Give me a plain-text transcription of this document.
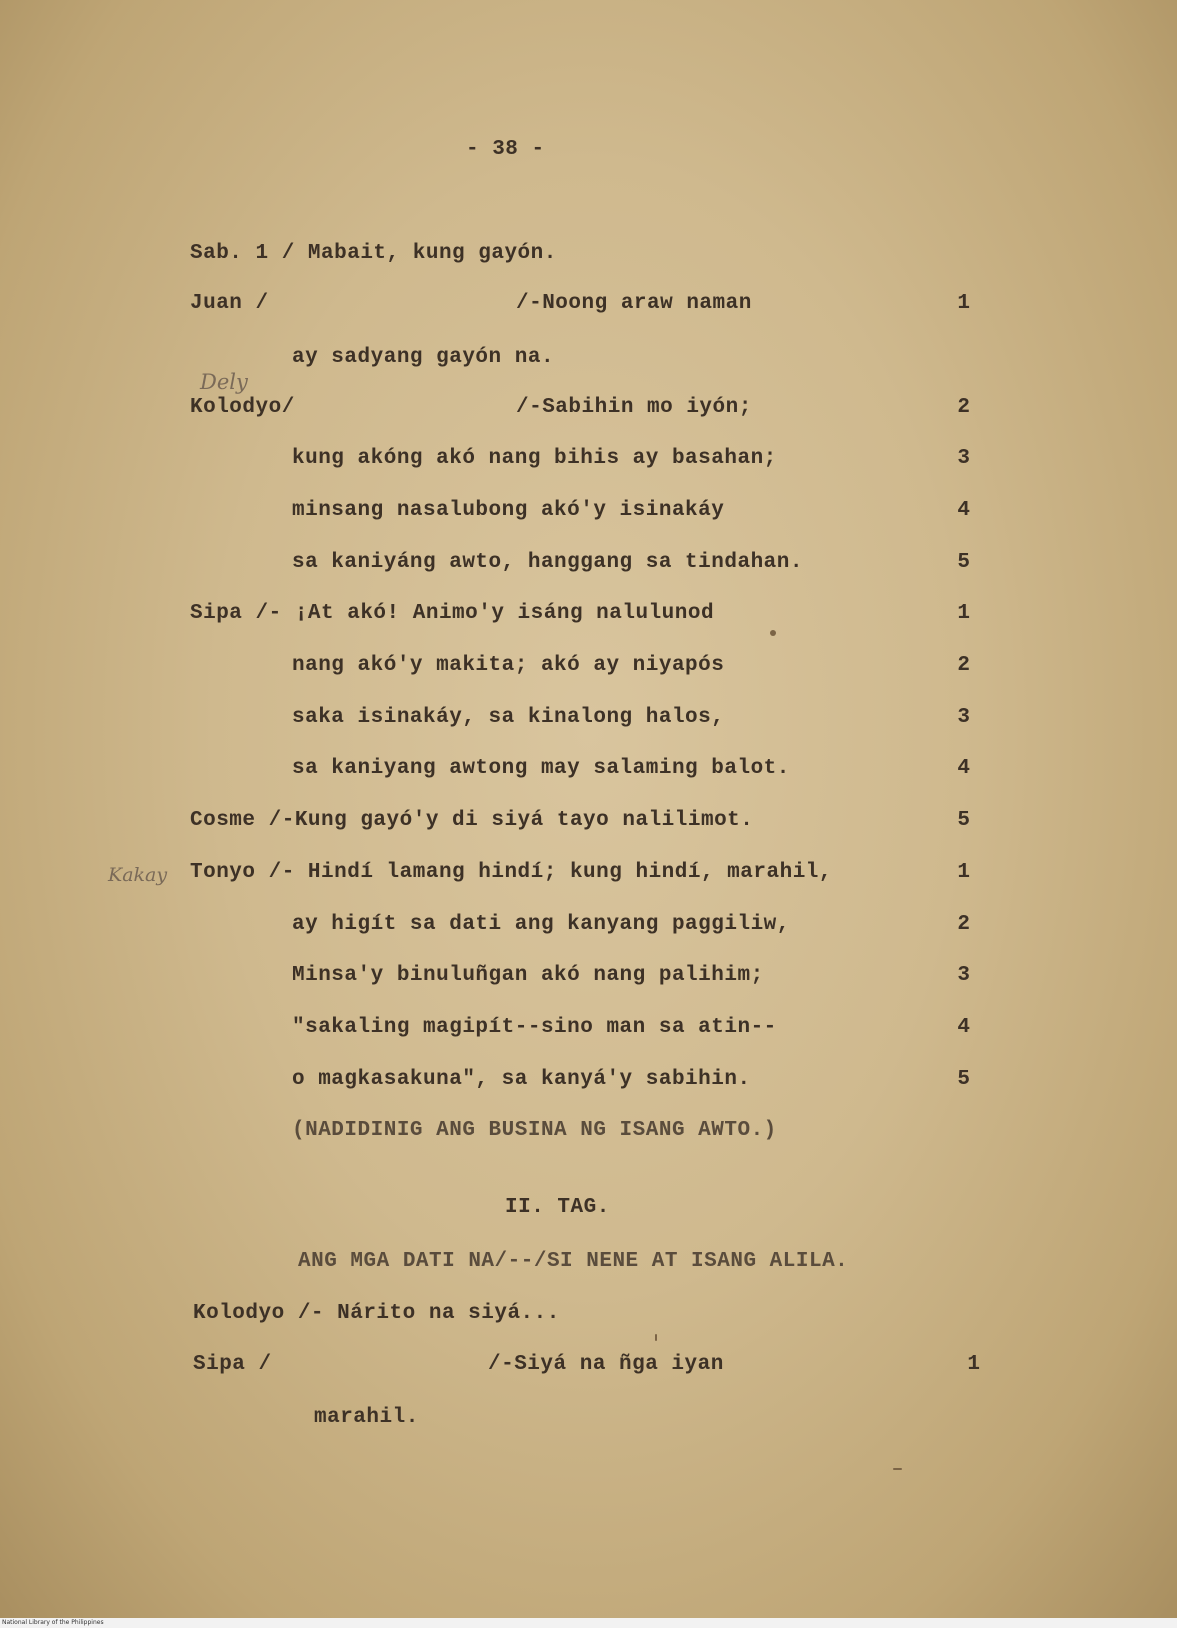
- 38 -
Sab. 1 / Mabait, kung gayón.
Juan /	/-Noong araw naman	1
ay sadyang gayón na.
Dely
Kolodyo/	/-Sabihin mo iyón;	2
kung akóng akó nang bihis ay basahan;	3
minsang nasalubong akó'y isinakáy	4
sa kaniyáng awto, hanggang sa tindahan.	5
Sipa /- ¡At akó! Animo'y isáng nalulunod	1
nang akó'y makita; akó ay niyapós	2
saka isinakáy, sa kinalong halos,	3
sa kaniyang awtong may salaming balot.	4
Cosme /-Kung gayó'y di siyá tayo nalilimot.	5
Kakay Tonyo /- Hindí lamang hindí; kung hindí, marahil,	1
ay higít sa dati ang kanyang paggiliw,	2
Minsa'y binuluñgan akó nang palihim;	3
"sakaling magipít--sino man sa atin--	4
o magkasakuna", sa kanyá'y sabihin.	5
(NADIDINIG ANG BUSINA NG ISANG AWTO.)
II. TAG.
ANG MGA DATI NA/--/SI NENE AT ISANG ALILA.
Kolodyo /- Nárito na siyá...
Sipa /	/-Siyá na ñga iyan	1
marahil.
National Library of the Philippines
